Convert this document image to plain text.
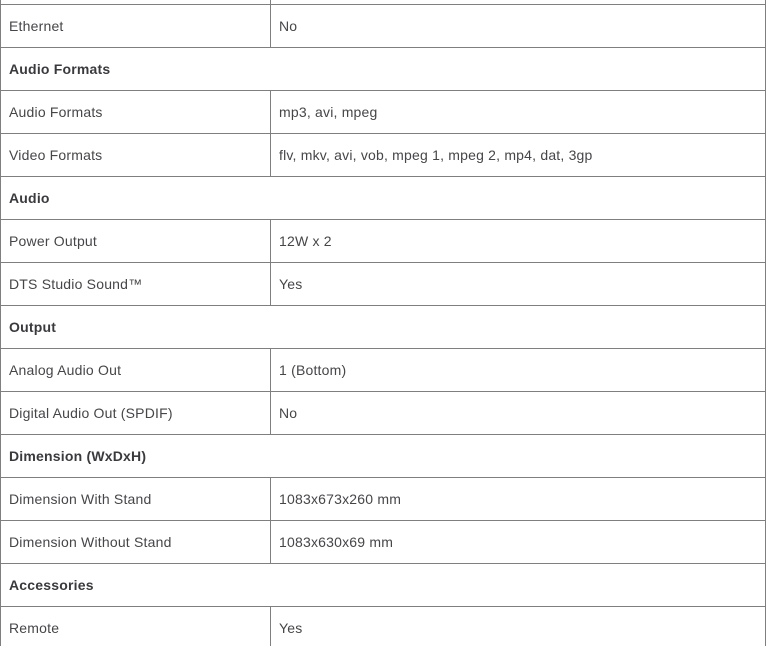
Ethernet	No
Audio Formats	
Audio Formats	mp3, avi, mpeg
Video Formats	flv, mkv, avi, vob, mpeg 1, mpeg 2, mp4, dat, 3gp
Audio	
Power Output	12W x 2
DTS Studio Sound™	Yes
Output	
Analog Audio Out	1 (Bottom)
Digital Audio Out (SPDIF)	No
Dimension (WxDxH)	
Dimension With Stand	1083x673x260 mm
Dimension Without Stand	1083x630x69 mm
Accessories	
Remote	Yes
